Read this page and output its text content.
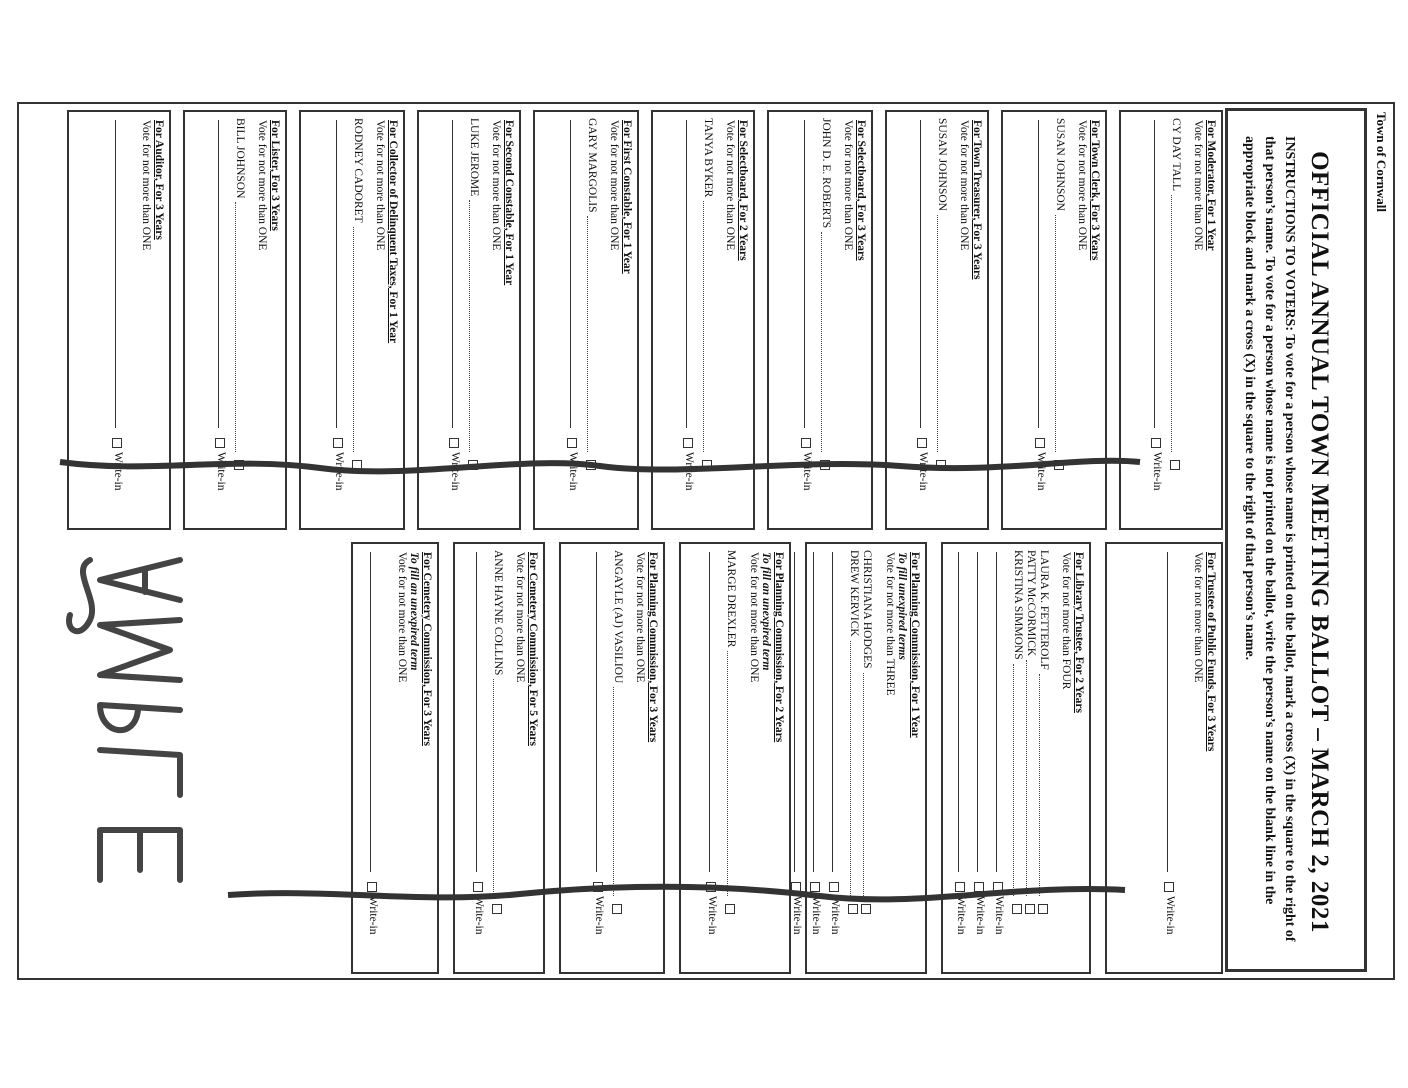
Town of Cornwall
OFFICIAL ANNUAL TOWN MEETING BALLOT – MARCH 2, 2021
INSTRUCTIONS TO VOTERS: To vote for a person whose name is printed on the ballot, mark a cross (X) in the square to the right of that person’s name. To vote for a person whose name is not printed on the ballot, write the person’s name on the blank line in the appropriate block and mark a cross (X) in the square to the right of that person’s name.
For Moderator, For 1 Year
Vote for not more than ONE
CY DAY TALL
Write-in
For Town Clerk, For 3 Years
Vote for not more than ONE
SUSAN JOHNSON
Write-in
For Town Treasurer, For 3 Years
Vote for not more than ONE
SUSAN JOHNSON
Write-in
For Selectboard, For 3 Years
Vote for not more than ONE
JOHN D. E. ROBERTS
Write-in
For Selectboard, For 2 Years
Vote for not more than ONE
TANYA BYKER
Write-in
For First Constable, For 1 Year
Vote for not more than ONE
GARY MARGOLIS
Write-in
For Second Constable, For 1 Year
Vote for not more than ONE
LUKE JEROME
Write-in
For Collector of Delinquent Taxes, For 1 Year
Vote for not more than ONE
RODNEY CADORET
Write-in
For Lister, For 3 Years
Vote for not more than ONE
BILL JOHNSON
Write-in
For Auditor, For 3 Years
Vote for not more than ONE
Write-in
For Trustee of Public Funds, For 3 Years
Vote for not more than ONE
Write-in
For Library Trustee, For 2 Years
Vote for not more than FOUR
LAURA K. FETTEROLF
PATTY McCORMICK
KRISTINA SIMMONS
Write-in
Write-in
Write-in
For Planning Commission, For 1 Year
To fill unexpired terms
Vote for not more than THREE
CHRISTIANA HODGES
DREW KERVICK
Write-in
Write-in
Write-in
For Planning Commission, For 2 Years
To fill an unexpired term
Vote for not more than ONE
MARGE DREXLER
Write-in
For Planning Commission, For 3 Years
Vote for not more than ONE
ANGAYLE (AJ) VASILIOU
Write-in
For Cemetery Commission, For 5 Years
Vote for not more than ONE
ANNE HAYNE COLLINS
Write-in
For Cemetery Commission, For 3 Years
To fill an unexpired term
Vote for not more than ONE
Write-in
